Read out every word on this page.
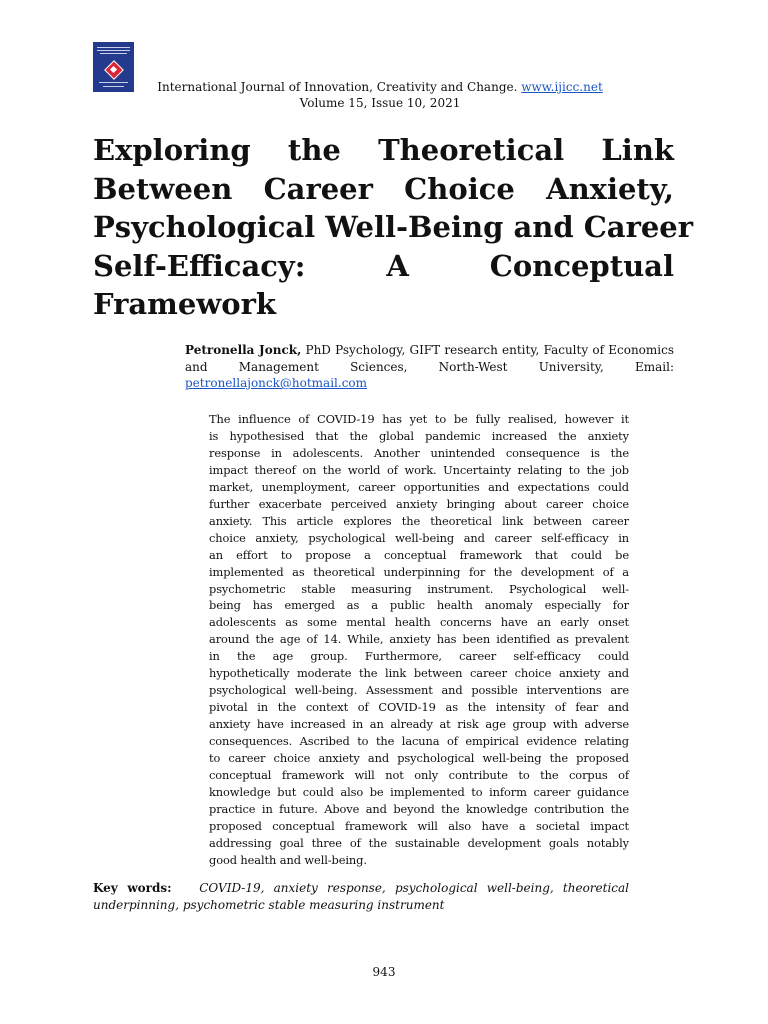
International Journal of Innovation, Creativity and Change. www.ijicc.net
Volume 15, Issue 10, 2021
Exploring the Theoretical Link
Between Career Choice Anxiety,
Psychological Well-Being and Career
Self-Efficacy: A Conceptual
Framework
Petronella Jonck, PhD Psychology, GIFT research entity, Faculty of Economics and Management Sciences, North-West University, Email: petronellajonck@hotmail.com
The influence of COVID-19 has yet to be fully realised, however it
is hypothesised that the global pandemic increased the anxiety
response in adolescents. Another unintended consequence is the
impact thereof on the world of work. Uncertainty relating to the job
market, unemployment, career opportunities and expectations could
further exacerbate perceived anxiety bringing about career choice
anxiety. This article explores the theoretical link between career
choice anxiety, psychological well-being and career self-efficacy in
an effort to propose a conceptual framework that could be
implemented as theoretical underpinning for the development of a
psychometric stable measuring instrument. Psychological well-
being has emerged as a public health anomaly especially for
adolescents as some mental health concerns have an early onset
around the age of 14. While, anxiety has been identified as prevalent
in the age group. Furthermore, career self-efficacy could
hypothetically moderate the link between career choice anxiety and
psychological well-being. Assessment and possible interventions are
pivotal in the context of COVID-19 as the intensity of fear and
anxiety have increased in an already at risk age group with adverse
consequences. Ascribed to the lacuna of empirical evidence relating
to career choice anxiety and psychological well-being the proposed
conceptual framework will not only contribute to the corpus of
knowledge but could also be implemented to inform career guidance
practice in future. Above and beyond the knowledge contribution the
proposed conceptual framework will also have a societal impact
addressing goal three of the sustainable development goals notably
good health and well-being.
Key words: COVID-19, anxiety response, psychological well-being, theoretical
underpinning, psychometric stable measuring instrument
943
